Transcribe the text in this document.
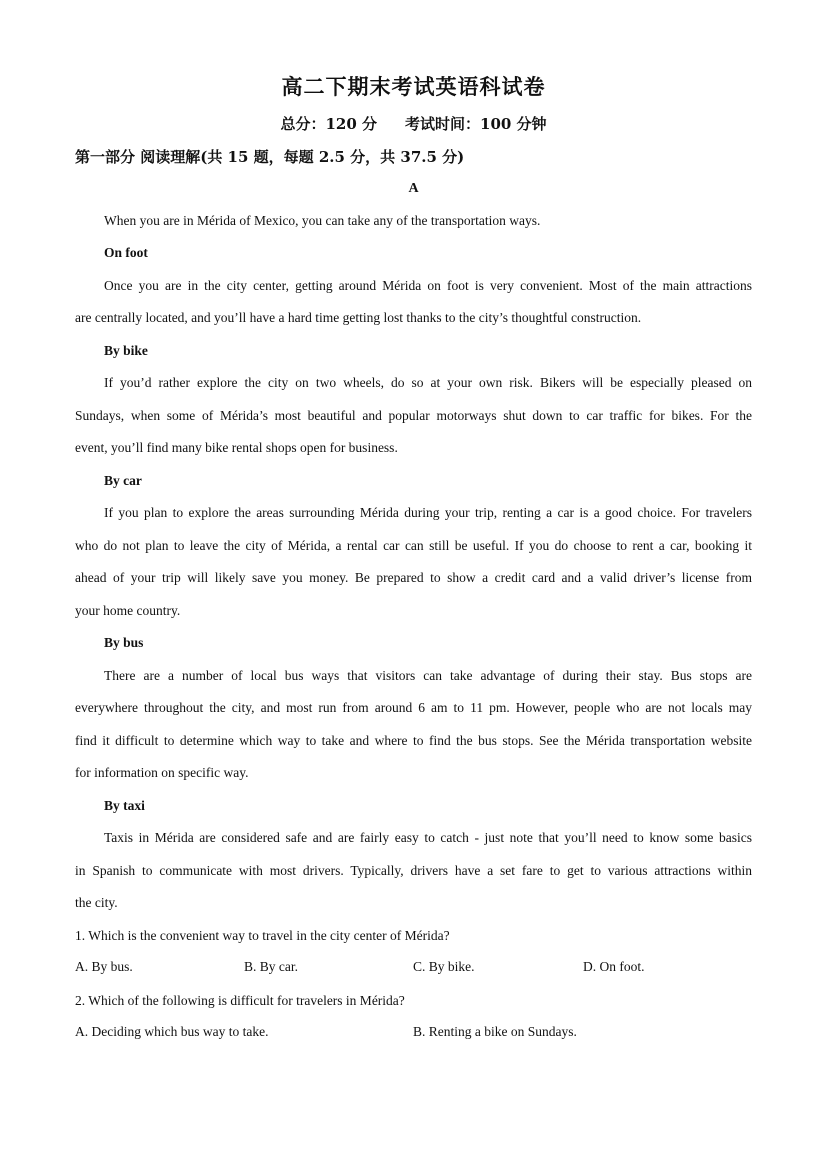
高二下期末考试英语科试卷
总分：120 分 考试时间：100 分钟
第一部分 阅读理解(共 15 题，每题 2.5 分，共 37.5 分)
A
When you are in Mérida of Mexico, you can take any of the transportation ways.
On foot
Once you are in the city center, getting around Mérida on foot is very convenient. Most of the main attractions
are centrally located, and you’ll have a hard time getting lost thanks to the city’s thoughtful construction.
By bike
If you’d rather explore the city on two wheels, do so at your own risk. Bikers will be especially pleased on
Sundays, when some of Mérida’s most beautiful and popular motorways shut down to car traffic for bikes. For the
event, you’ll find many bike rental shops open for business.
By car
If you plan to explore the areas surrounding Mérida during your trip, renting a car is a good choice. For travelers
who do not plan to leave the city of Mérida, a rental car can still be useful. If you do choose to rent a car, booking it
ahead of your trip will likely save you money. Be prepared to show a credit card and a valid driver’s license from
your home country.
By bus
There are a number of local bus ways that visitors can take advantage of during their stay. Bus stops are
everywhere throughout the city, and most run from around 6 am to 11 pm. However, people who are not locals may
find it difficult to determine which way to take and where to find the bus stops. See the Mérida transportation website
for information on specific way.
By taxi
Taxis in Mérida are considered safe and are fairly easy to catch - just note that you’ll need to know some basics
in Spanish to communicate with most drivers. Typically, drivers have a set fare to get to various attractions within
the city.
1. Which is the convenient way to travel in the city center of Mérida?
A. By bus.	B. By car.	C. By bike.	D. On foot.
2. Which of the following is difficult for travelers in Mérida?
A. Deciding which bus way to take.	B. Renting a bike on Sundays.
